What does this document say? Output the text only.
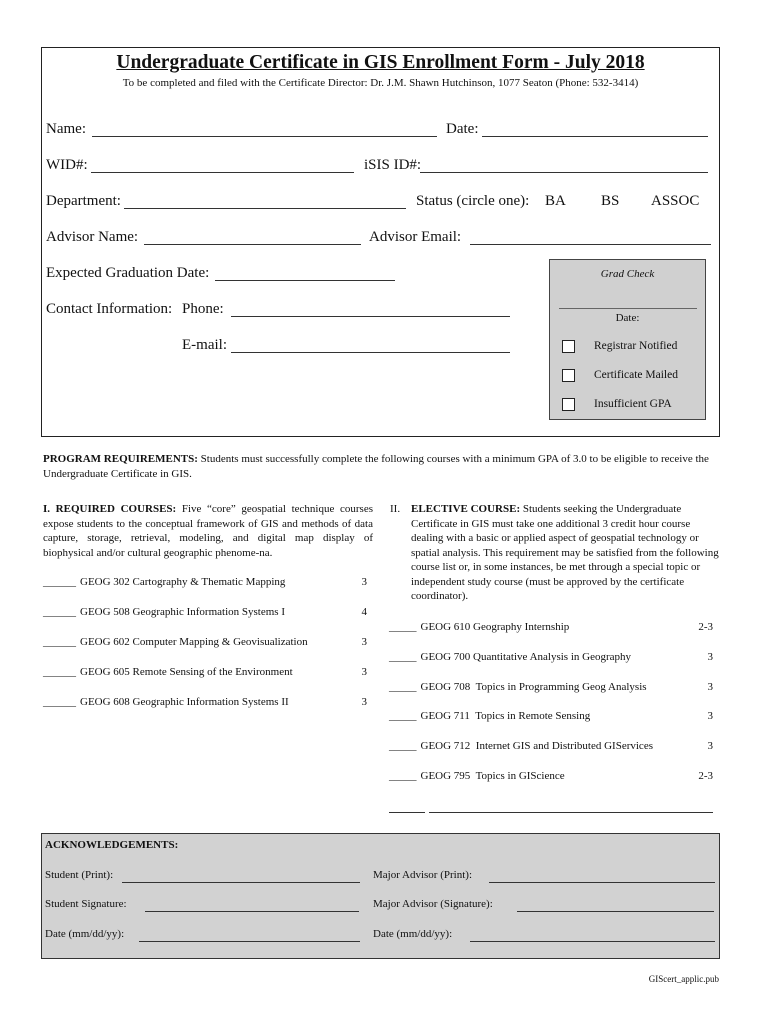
Undergraduate Certificate in GIS Enrollment Form - July 2018
To be completed and filed with the Certificate Director: Dr. J.M. Shawn Hutchinson, 1077 Seaton (Phone: 532-3414)
Name:	Date:
WID#:	iSIS ID#:
Department:	Status (circle one): BA BS ASSOC
Advisor Name:	Advisor Email:
Expected Graduation Date:
Contact Information: Phone:
E-mail:
Grad Check
Date:
Registrar Notified
Certificate Mailed
Insufficient GPA
PROGRAM REQUIREMENTS: Students must successfully complete the following courses with a minimum GPA of 3.0 to be eligible to receive the Undergraduate Certificate in GIS.
I. REQUIRED COURSES: Five “core” geospatial technique courses expose students to the conceptual framework of GIS and methods of data capture, storage, retrieval, modeling, and digital map display of biophysical and/or cultural geographic phenome-na.
______ GEOG 302 Cartography & Thematic Mapping	3
______ GEOG 508 Geographic Information Systems I	4
______ GEOG 602 Computer Mapping & Geovisualization	3
______ GEOG 605 Remote Sensing of the Environment	3
______ GEOG 608 Geographic Information Systems II	3
II. ELECTIVE COURSE: Students seeking the Undergraduate Certificate in GIS must take one additional 3 credit hour course dealing with a basic or applied aspect of geospatial technology or spatial analysis. This requirement may be satisfied from the following course list or, in some instances, be met through a special topic or independent study course (must be approved by the certificate coordinator).
_____ GEOG 610 Geography Internship	2-3
_____ GEOG 700 Quantitative Analysis in Geography	3
_____ GEOG 708  Topics in Programming Geog Analysis	3
_____ GEOG 711  Topics in Remote Sensing	3
_____ GEOG 712  Internet GIS and Distributed GIServices	3
_____ GEOG 795  Topics in GIScience	2-3
ACKNOWLEDGEMENTS:
Student (Print):	Major Advisor (Print):
Student Signature:	Major Advisor (Signature):
Date (mm/dd/yy):	Date (mm/dd/yy):
GIScert_applic.pub
